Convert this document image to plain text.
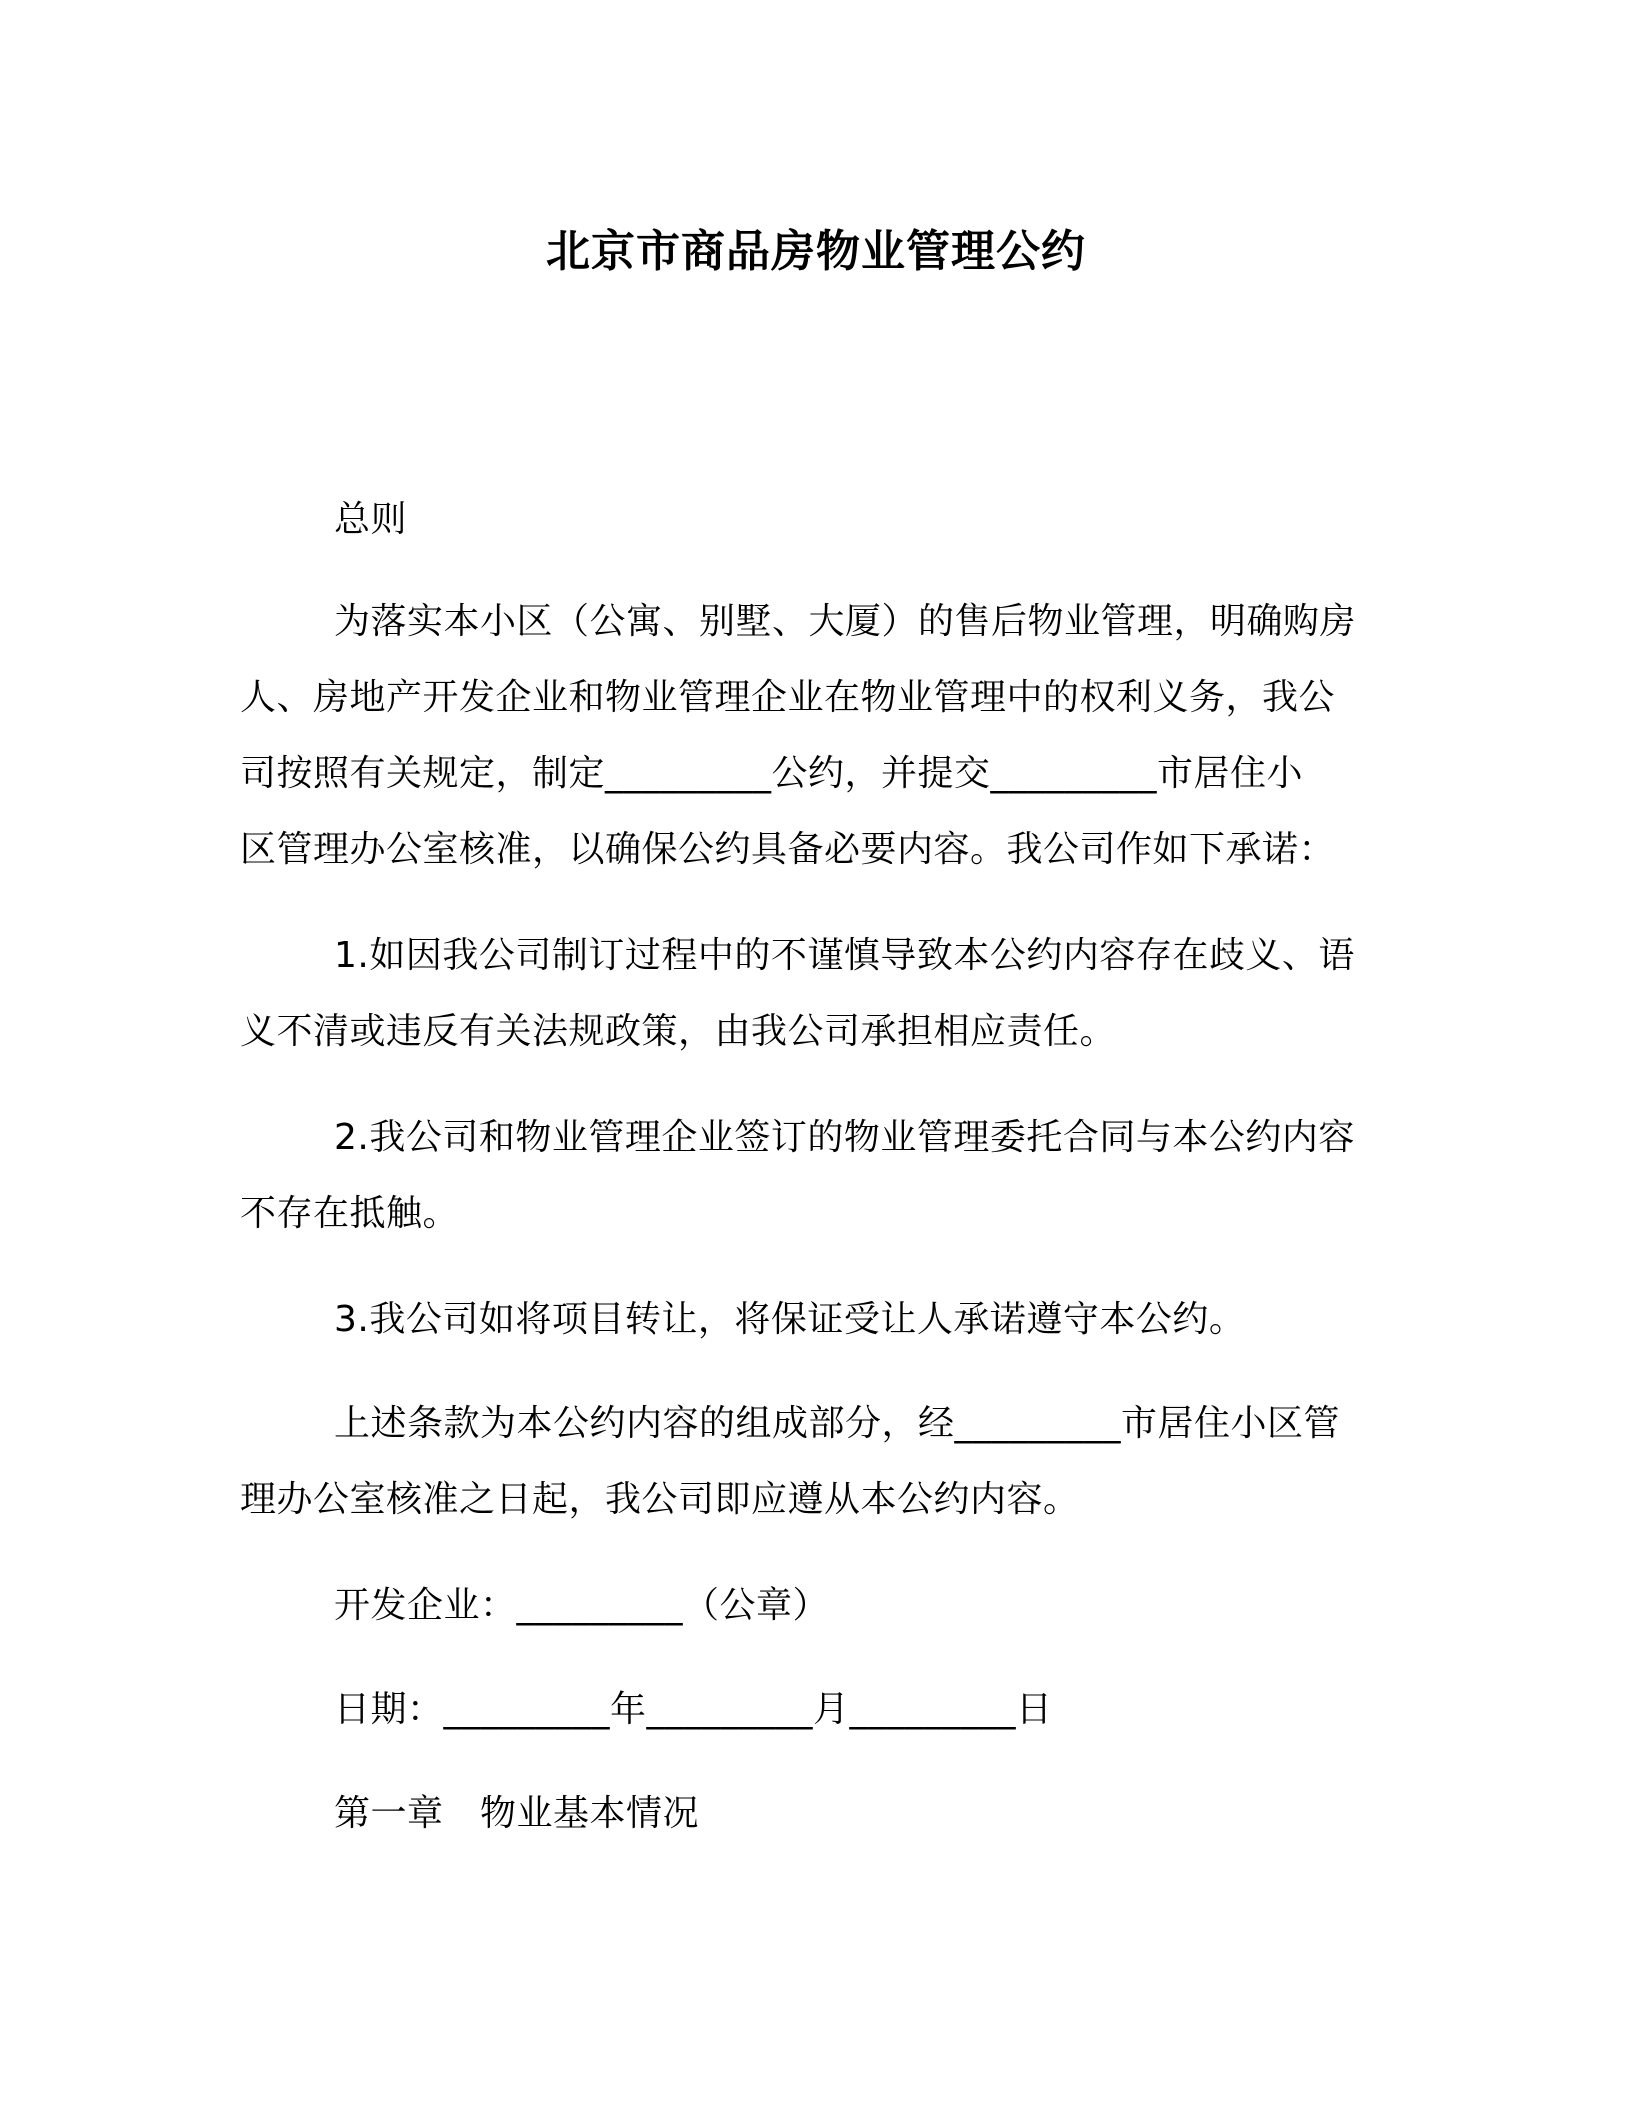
北京市商品房物业管理公约
总则
为落实本小区（公寓、别墅、大厦）的售后物业管理，明确购房
人、房地产开发企业和物业管理企业在物业管理中的权利义务，我公
司按照有关规定，制定_________公约，并提交_________市居住小
区管理办公室核准，以确保公约具备必要内容。我公司作如下承诺：
1.如因我公司制订过程中的不谨慎导致本公约内容存在歧义、语
义不清或违反有关法规政策，由我公司承担相应责任。
2.我公司和物业管理企业签订的物业管理委托合同与本公约内容
不存在抵触。
3.我公司如将项目转让，将保证受让人承诺遵守本公约。
上述条款为本公约内容的组成部分，经_________市居住小区管
理办公室核准之日起，我公司即应遵从本公约内容。
开发企业：_________（公章）
日期：_________年_________月_________日
第一章　物业基本情况
